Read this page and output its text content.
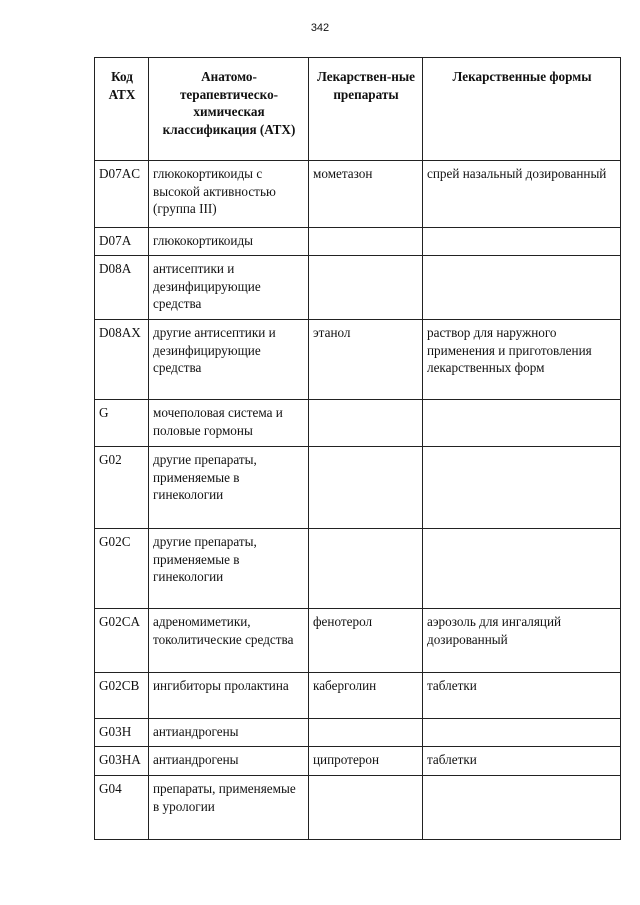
342
Код АТХ	Анатомо-терапевтическо-химическая классификация (АТХ)	Лекарствен-ные препараты	Лекарственные формы
D07AC	глюкокортикоиды с высокой активностью (группа III)	мометазон	спрей назальный дозированный
D07A	глюкокортикоиды		
D08A	антисептики и дезинфицирующие средства		
D08AX	другие антисептики и дезинфицирующие средства	этанол	раствор для наружного применения и приготовления лекарственных форм
G	мочеполовая система и половые гормоны		
G02	другие препараты, применяемые в гинекологии		
G02C	другие препараты, применяемые в гинекологии		
G02CA	адреномиметики, токолитические средства	фенотерол	аэрозоль для ингаляций дозированный
G02CB	ингибиторы пролактина	каберголин	таблетки
G03H	антиандрогены		
G03HA	антиандрогены	ципротерон	таблетки
G04	препараты, применяемые в урологии		
